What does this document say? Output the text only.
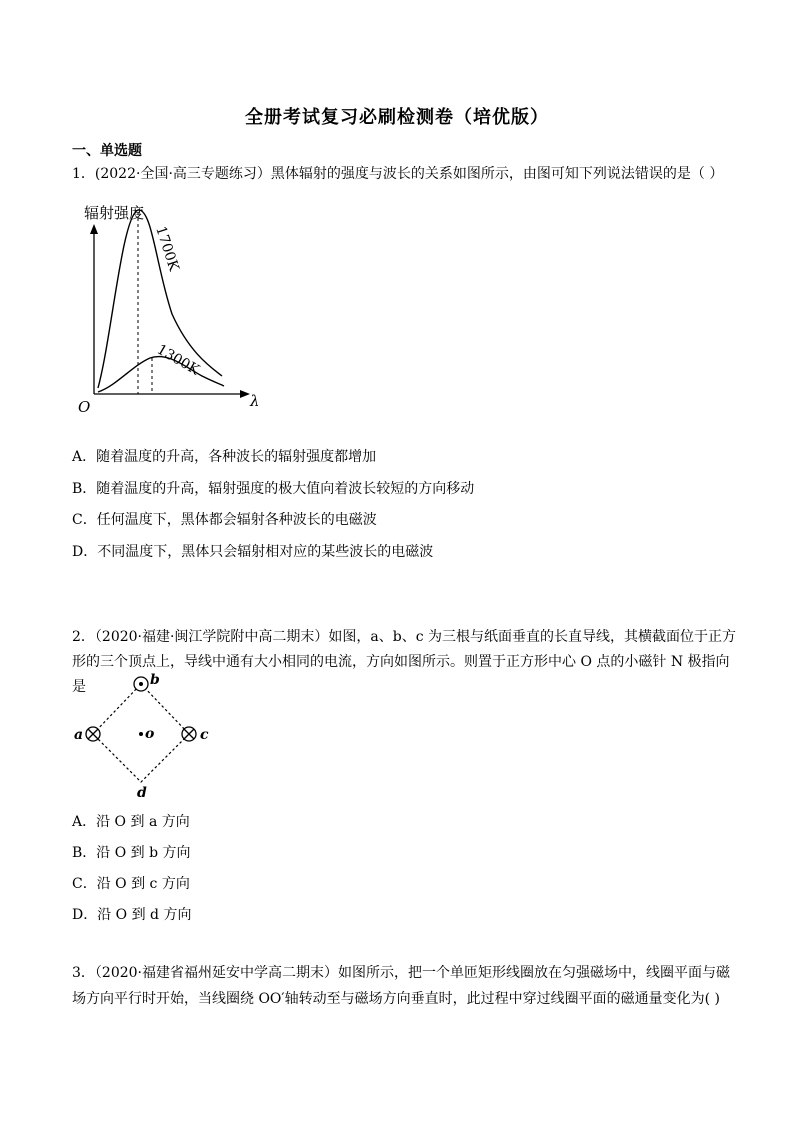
全册考试复习必刷检测卷（培优版）
一、单选题
1．(2022·全国·高三专题练习）黑体辐射的强度与波长的关系如图所示，由图可知下列说法错误的是（ ）
辐射强度
O	λ
1700K
1300K
A．随着温度的升高，各种波长的辐射强度都增加
B．随着温度的升高，辐射强度的极大值向着波长较短的方向移动
C．任何温度下，黑体都会辐射各种波长的电磁波
D．不同温度下，黑体只会辐射相对应的某些波长的电磁波
2．（2020·福建·闽江学院附中高二期末）如图，a、b、c 为三根与纸面垂直的长直导线，其横截面位于正方
形的三个顶点上，导线中通有大小相同的电流，方向如图所示。则置于正方形中心 O 点的小磁针 N 极指向
是	b
a	c
d
o
A．沿 O 到 a 方向
B．沿 O 到 b 方向
C．沿 O 到 c 方向
D．沿 O 到 d 方向
3．（2020·福建省福州延安中学高二期末）如图所示，把一个单匝矩形线圈放在匀强磁场中，线圈平面与磁
场方向平行时开始，当线圈绕 OO′轴转动至与磁场方向垂直时，此过程中穿过线圈平面的磁通量变化为( )
